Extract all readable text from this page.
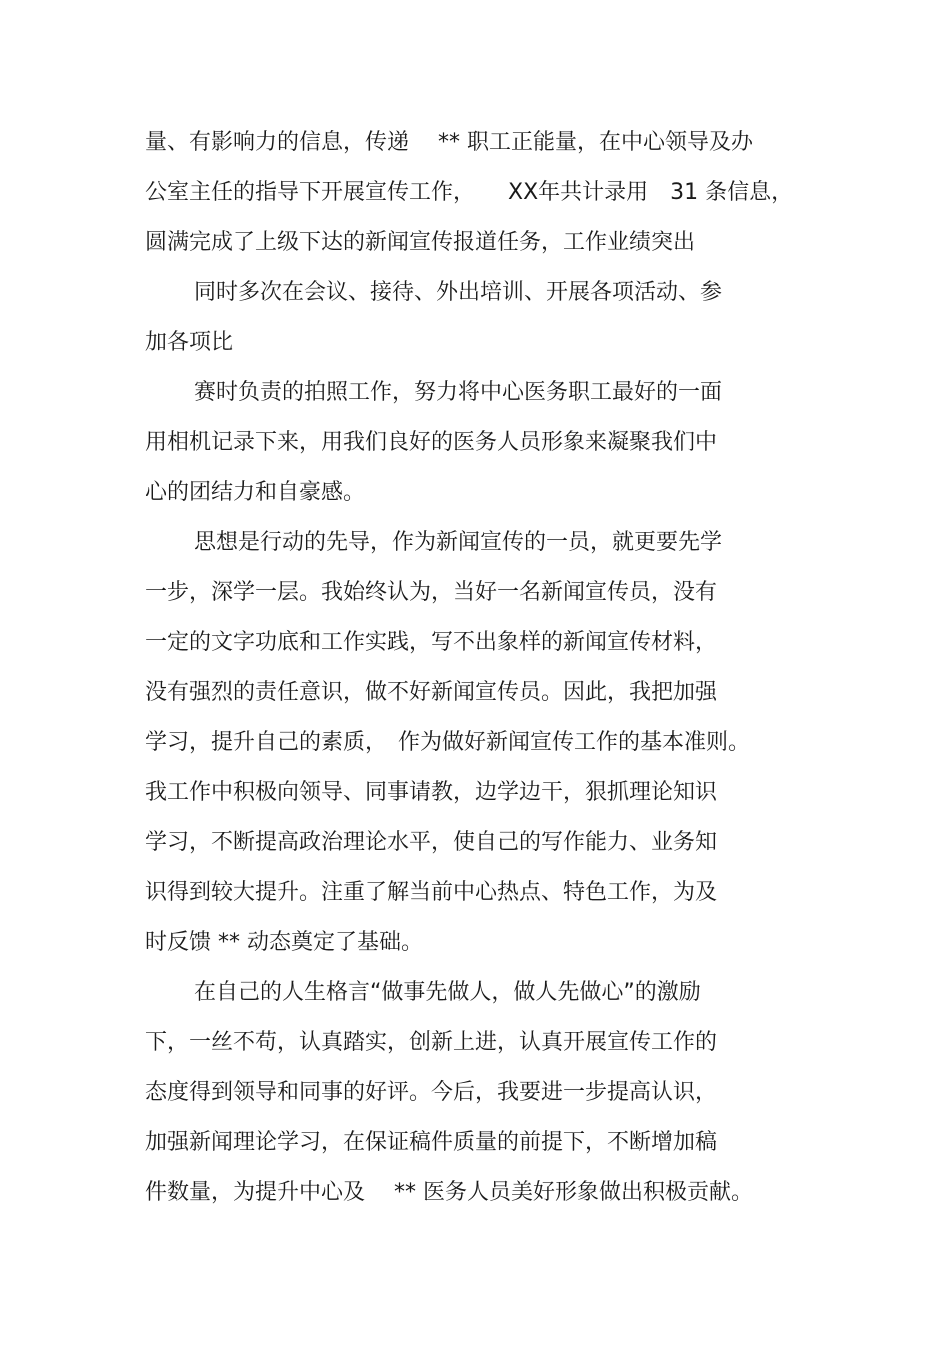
量、有影响力的信息，传递　 ** 职工正能量，在中心领导及办

公室主任的指导下开展宣传工作，　　XX年共计录用　31 条信息，

圆满完成了上级下达的新闻宣传报道任务，工作业绩突出

同时多次在会议、接待、外出培训、开展各项活动、参

加各项比

赛时负责的拍照工作，努力将中心医务职工最好的一面

用相机记录下来，用我们良好的医务人员形象来凝聚我们中

心的团结力和自豪感。

思想是行动的先导，作为新闻宣传的一员，就更要先学

一步，深学一层。我始终认为，当好一名新闻宣传员，没有

一定的文字功底和工作实践，写不出象样的新闻宣传材料，

没有强烈的责任意识，做不好新闻宣传员。因此，我把加强

学习，提升自己的素质，　作为做好新闻宣传工作的基本准则。

我工作中积极向领导、同事请教，边学边干，狠抓理论知识

学习，不断提高政治理论水平，使自己的写作能力、业务知

识得到较大提升。注重了解当前中心热点、特色工作，为及

时反馈 ** 动态奠定了基础。

在自己的人生格言“做事先做人，做人先做心”的激励

下，一丝不苟，认真踏实，创新上进，认真开展宣传工作的

态度得到领导和同事的好评。今后，我要进一步提高认识，

加强新闻理论学习，在保证稿件质量的前提下，不断增加稿

件数量，为提升中心及　 ** 医务人员美好形象做出积极贡献。
